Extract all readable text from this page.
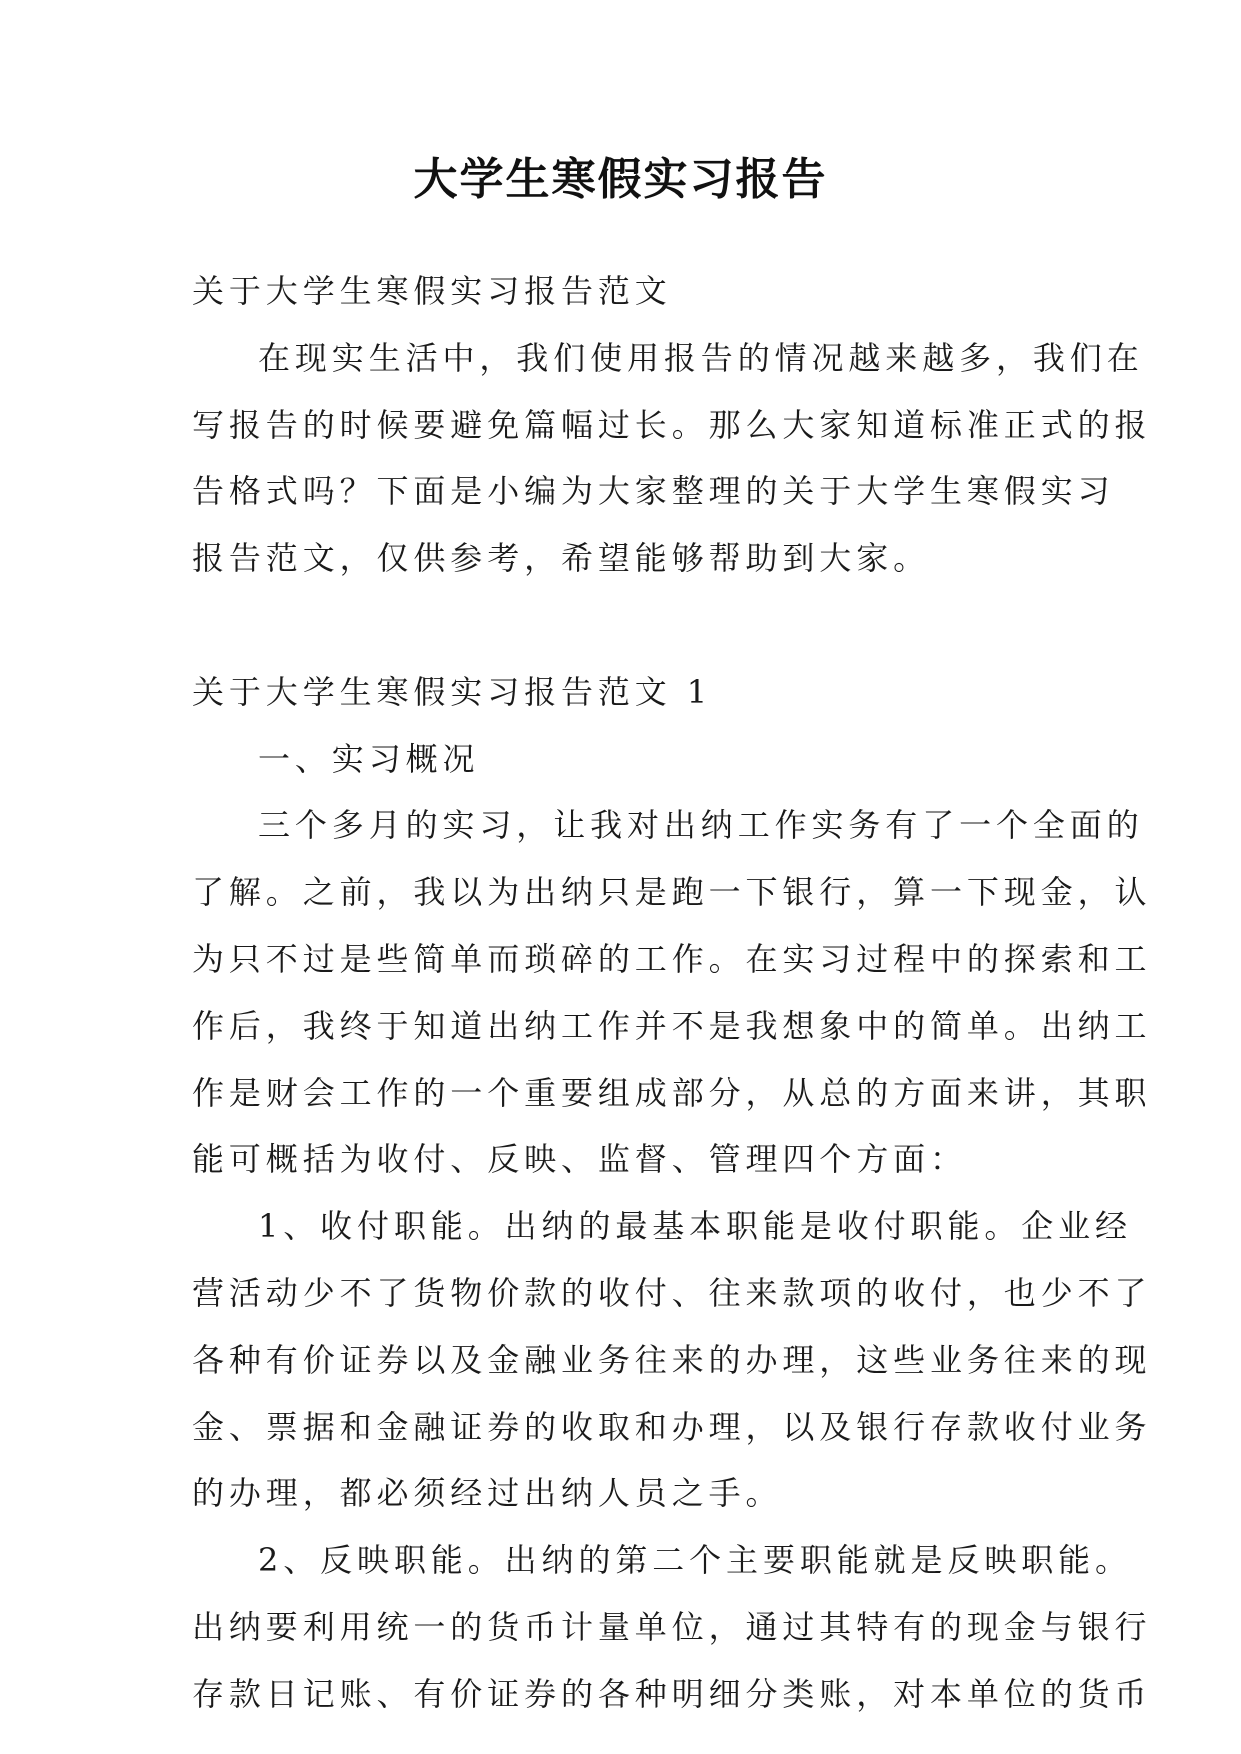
大学生寒假实习报告
关于大学生寒假实习报告范文
在现实生活中，我们使用报告的情况越来越多，我们在
写报告的时候要避免篇幅过长。那么大家知道标准正式的报
告格式吗？下面是小编为大家整理的关于大学生寒假实习
报告范文，仅供参考，希望能够帮助到大家。
关于大学生寒假实习报告范文 1
一、实习概况
三个多月的实习，让我对出纳工作实务有了一个全面的
了解。之前，我以为出纳只是跑一下银行，算一下现金，认
为只不过是些简单而琐碎的工作。在实习过程中的探索和工
作后，我终于知道出纳工作并不是我想象中的简单。出纳工
作是财会工作的一个重要组成部分，从总的方面来讲，其职
能可概括为收付、反映、监督、管理四个方面：
1、收付职能。出纳的最基本职能是收付职能。企业经
营活动少不了货物价款的收付、往来款项的收付，也少不了
各种有价证券以及金融业务往来的办理，这些业务往来的现
金、票据和金融证券的收取和办理，以及银行存款收付业务
的办理，都必须经过出纳人员之手。
2、反映职能。出纳的第二个主要职能就是反映职能。
出纳要利用统一的货币计量单位，通过其特有的现金与银行
存款日记账、有价证券的各种明细分类账，对本单位的货币
